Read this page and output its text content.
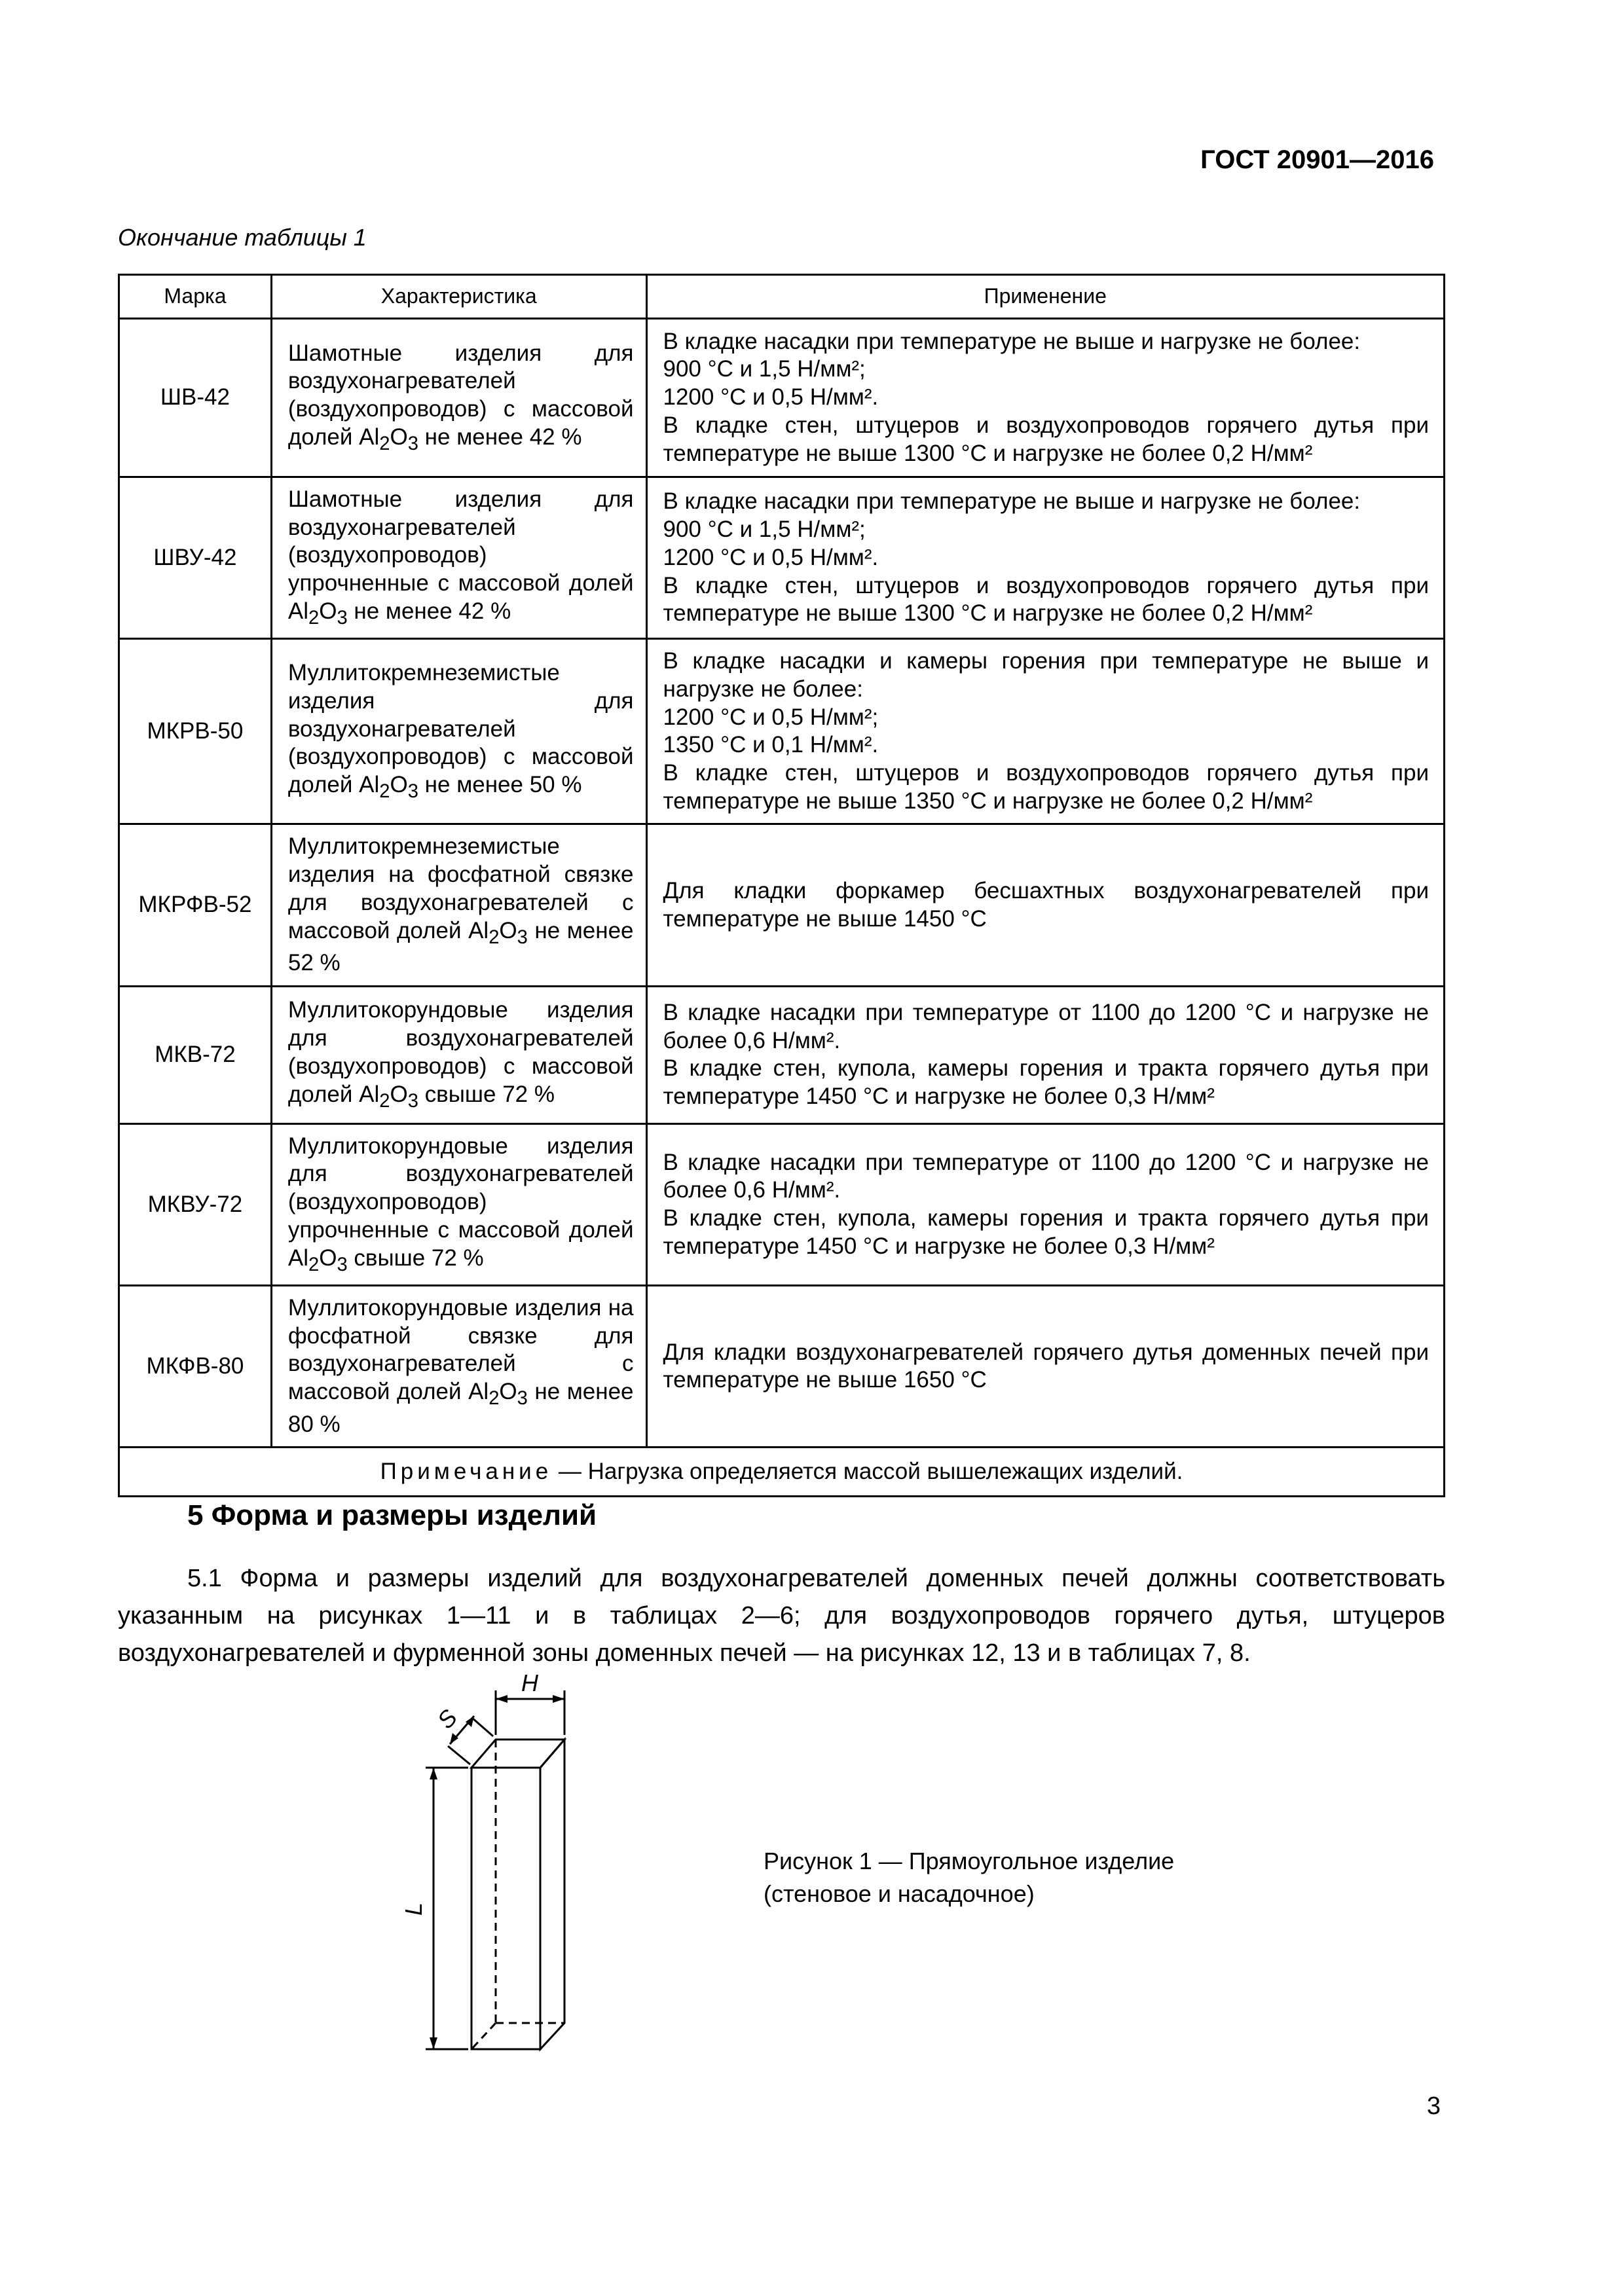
ГОСТ 20901—2016
Окончание таблицы 1
Марка	Характеристика	Применение
ШВ-42	Шамотные изделия для воздухонагревателей (воздухопроводов) с массовой долей $Al_2O_3$ не менее 42 %	В кладке насадки при температуре не выше и нагрузке не более:
900 °С и 1,5 Н/мм²;
1200 °С и 0,5 Н/мм².
В кладке стен, штуцеров и воздухопроводов горячего дутья при температуре не выше 1300 °С и нагрузке не более 0,2 Н/мм²

ШВУ-42	Шамотные изделия для воздухонагревателей (воздухопроводов) упрочненные с массовой долей $Al_2O_3$ не менее 42 %	В кладке насадки при температуре не выше и нагрузке не более:
900 °С и 1,5 Н/мм²;
1200 °С и 0,5 Н/мм².
В кладке стен, штуцеров и воздухопроводов горячего дутья при температуре не выше 1300 °С и нагрузке не более 0,2 Н/мм²

МКРВ-50	Муллитокремнеземистые изделия для воздухонагревателей (воздухопроводов) с массовой долей $Al_2O_3$ не менее 50 %	В кладке насадки и камеры горения при температуре не выше и нагрузке не более:
1200 °С и 0,5 Н/мм²;
1350 °С и 0,1 Н/мм².
В кладке стен, штуцеров и воздухопроводов горячего дутья при температуре не выше 1350 °С и нагрузке не более 0,2 Н/мм²

МКРФВ-52	Муллитокремнеземистые изделия на фосфатной связке для воздухонагревателей с массовой долей $Al_2O_3$ не менее 52 %	Для кладки форкамер бесшахтных воздухонагревателей при температуре не выше 1450 °С

МКВ-72	Муллитокорундовые изделия для воздухонагревателей (воздухопроводов) с массовой долей $Al_2O_3$ свыше 72 %	В кладке насадки при температуре от 1100 до 1200 °С и нагрузке не более 0,6 Н/мм².
В кладке стен, купола, камеры горения и тракта горячего дутья при температуре 1450 °С и нагрузке не более 0,3 Н/мм²

МКВУ-72	Муллитокорундовые изделия для воздухонагревателей (воздухопроводов) упрочненные с массовой долей $Al_2O_3$ свыше 72 %	В кладке насадки при температуре от 1100 до 1200 °С и нагрузке не более 0,6 Н/мм².
В кладке стен, купола, камеры горения и тракта горячего дутья при температуре 1450 °С и нагрузке не более 0,3 Н/мм²

МКФВ-80	Муллитокорундовые изделия на фосфатной связке для воздухонагревателей с массовой долей $Al_2O_3$ не менее 80 %	Для кладки воздухонагревателей горячего дутья доменных печей при температуре не выше 1650 °С

Примечание — Нагрузка определяется массой вышележащих изделий.		
5 Форма и размеры изделий
5.1 Форма и размеры изделий для воздухонагревателей доменных печей должны соответствовать указанным на рисунках 1—11 и в таблицах 2—6; для воздухопроводов горячего дутья, штуцеров воздухонагревателей и фурменной зоны доменных печей — на рисунках 12, 13 и в таблицах 7, 8.
H
S
L
Рисунок 1 — Прямоугольное изделие
(стеновое и насадочное)
3
